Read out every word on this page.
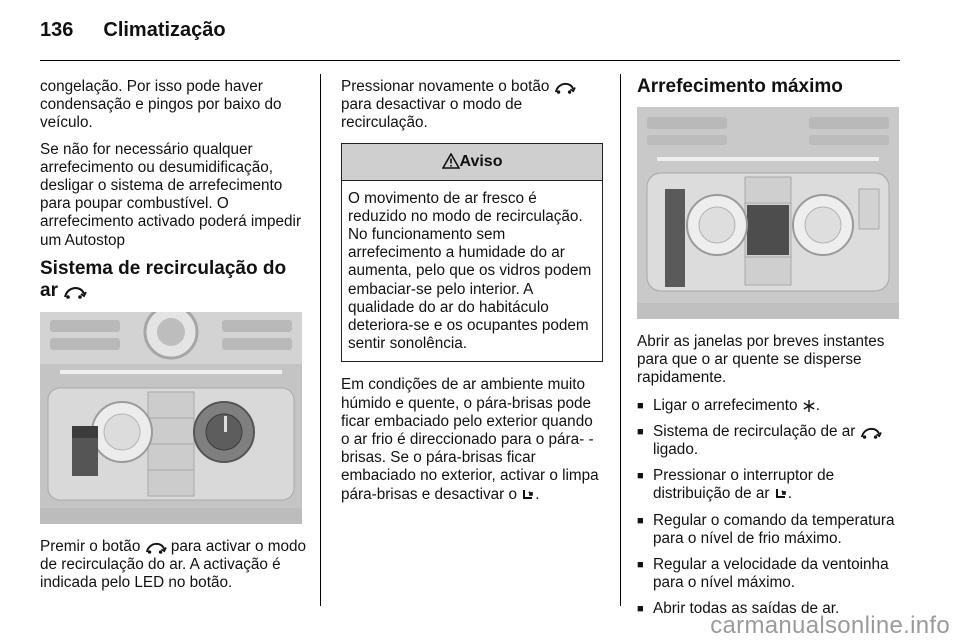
136 Climatização

congelação. Por isso pode haver condensação e pingos por baixo do veículo.

Se não for necessário qualquer arrefecimento ou desumidificação, desligar o sistema de arrefecimento para poupar combustível. O arrefecimento activado poderá impedir um Autostop

Sistema de recirculação do ar

Premir o botão para activar o modo de recirculação do ar. A activação é indicada pelo LED no botão.

Pressionar novamente o botão  para desactivar o modo de recirculação.

Aviso
O movimento de ar fresco é reduzido no modo de recirculação. No funcionamento sem arrefecimento a humidade do ar aumenta, pelo que os vidros podem embaciar-se pelo interior. A qualidade do ar do habitáculo deteriora-se e os ocupantes podem sentir sonolência.

Em condições de ar ambiente muito húmido e quente, o pára-brisas pode ficar embaciado pelo exterior quando o ar frio é direccionado para o pára- -brisas. Se o pára-brisas ficar embaciado no exterior, activar o limpa pára-brisas e desactivar o .

Arrefecimento máximo

Abrir as janelas por breves instantes para que o ar quente se disperse rapidamente.

■ Ligar o arrefecimento .
■ Sistema de recirculação de ar  ligado.
■ Pressionar o interruptor de distribuição de ar .
■ Regular o comando da temperatura para o nível de frio máximo.
■ Regular a velocidade da ventoinha para o nível máximo.
■ Abrir todas as saídas de ar.
carmanualsonline.info
